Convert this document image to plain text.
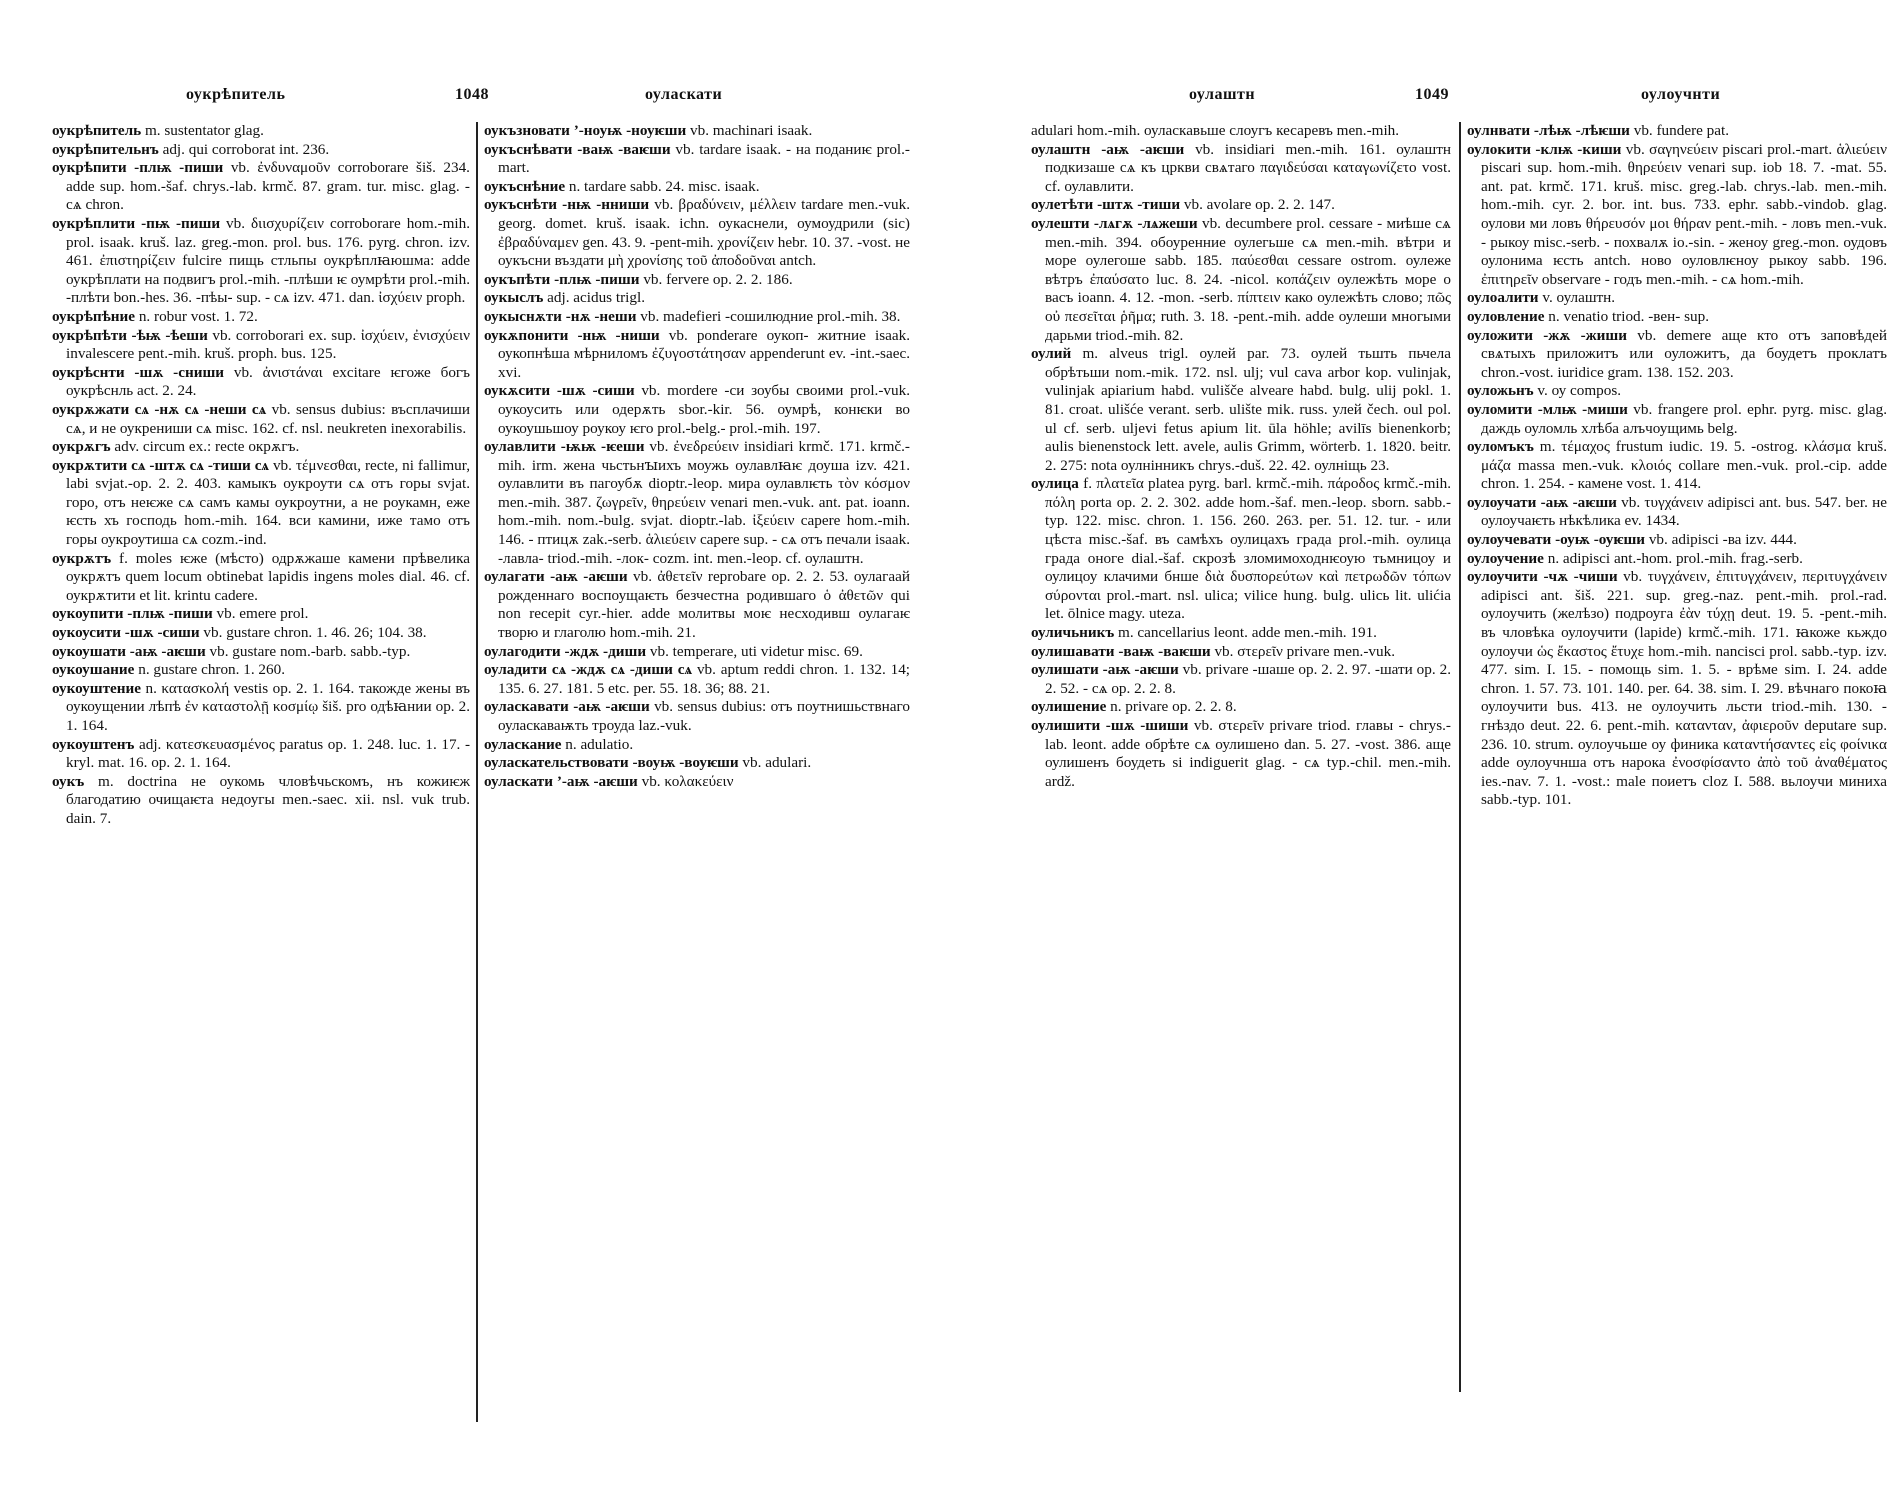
оукрѣпитель	1048	оуласкати

оукрѣпитель m. sustentator glag.

оукрѣпительнъ adj. qui corroborat int. 236.

оукрѣпити -плѭ -пиши vb. ἐνδυναμοῦν corroborare šiš. 234. adde sup. hom.-šaf. chrys.-lab. krmč. 87. gram. tur. misc. glag. - сѧ chron.

оукрѣплити -пѭ -пиши vb. διισχυρίζειν corroborare hom.-mih. prol. isaak. kruš. laz. greg.-mon. prol. bus. 176. pyrg. chron. izv. 461. ἐπιστηρίζειν fulcire пищь стльпы оукрѣплꙗюшма: adde оукрѣплати на подвигъ prol.-mih. -плѣши ѥ оумрѣти prol.-mih. -плѣти bon.-hes. 36. -пѣы- sup. - сѧ izv. 471. dan. ἰσχύειν proph.

оукрѣпѣние n. robur vost. 1. 72.

оукрѣпѣти -ѣѭ -ѣеши vb. corroborari ex. sup. ἰσχύειν, ἐνισχύειν invalescere pent.-mih. kruš. proph. bus. 125.

оукрѣснти -шѫ -сниши vb. ἀνιστάναι excitare ѥгоже богъ оукрѣснль act. 2. 24.

оукрѫжати сѧ -нѫ сѧ -неши сѧ vb. sensus dubius: въсплачиши сѧ, и не оукрениши сѧ misc. 162. cf. nsl. neukreten inexorabilis.

оукрѫгъ adv. circum ex.: recte окрѫгъ.

оукрѫтити сѧ -штѫ сѧ -тиши сѧ vb. τέμνεσθαι, recte, ni fallimur, labi svjat.-op. 2. 2. 403. камыкъ оукроути сѧ отъ горы svjat. горо, отъ неѥже сѧ самъ камы оукроутни, а не роукамн, еже ѥсть хъ господь hom.-mih. 164. вси камини, иже тамо отъ горы оукроутиша сѧ cozm.-ind.

оукрѫтъ f. moles ѥже (мѣсто) одрѫжаше камени прѣвелика оукрѫтъ quem locum obtinebat lapidis ingens moles dial. 46. cf. оукрѫтити et lit. krintu cadere.

оукоупити -плѭ -пиши vb. emere prol.

оукоусити -шѫ -сиши vb. gustare chron. 1. 46. 26; 104. 38.

оукоушати -аѭ -аѥши vb. gustare nom.-barb. sabb.-typ.

оукоушание n. gustare chron. 1. 260.

оукоуштение n. κατασκολή vestis op. 2. 1. 164. такожде жены въ оукоущении лѣпѣ ἐν καταστολῇ κοσμίῳ šiš. pro одѣꙗнии op. 2. 1. 164.

оукоуштенъ adj. κατεσκευασμένος paratus op. 1. 248. luc. 1. 17. -kryl. mat. 16. op. 2. 1. 164.

оукъ m. doctrina не оукомь чловѣчьскомъ, нъ кожиѥж благодатию очищаѥта недоугы men.-saec. xii. nsl. vuk trub. dain. 7.

оукъзновати ’-ноуѭ -ноуѥши vb. machinari isaak.

оукъснѣвати -ваѭ -ваѥши vb. tardare isaak. - на поданиѥ prol.-mart.

оукъснѣние n. tardare sabb. 24. misc. isaak.

оукъснѣти -нѭ -нниши vb. βραδύνειν, μέλλειν tardare men.-vuk. georg. domet. kruš. isaak. ichn. оукаснели, оумоудрили (sic) ἐβραδύναμεν gen. 43. 9. -pent-mih. χρονίζειν hebr. 10. 37. -vost. не оукъсни въздати μὴ χρονίσης τοῦ ἀποδοῦναι antch.

оукъпѣти -плѭ -пиши vb. fervere op. 2. 2. 186.

оукыслъ adj. acidus trigl.

оукыснѫти -нѫ -неши vb. madefieri -сошилюдние prol.-mih. 38.

оукѫпонити -нѭ -ниши vb. ponderare оукоп- житние isaak. оукопнѣша мѣрниломъ ἐζυγοστάτησαν appenderunt ev. -int.-saec. xvi.

оукѫсити -шѫ -сиши vb. mordere -си зоубы своими prol.-vuk. оукоусить или одерѫть sbor.-kir. 56. оумрѣ, конѥки во оукоушьшоу роукоу ѥго prol.-belg.- prol.-mih. 197.

оулавлити -ѭѭ -ѥеши vb. ἐνεδρεύειν insidiari krmč. 171. krmč.-mih. irm. жена чьстьнꙑихъ моужь оулавлꙗѥ доуша izv. 421. оулавлити въ пагоубѫ dioptr.-leop. мира оулавлѥть τὸν κόσμον men.-mih. 387. ζωγρεῖν, θηρεύειν venari men.-vuk. ant. pat. ioann. hom.-mih. nom.-bulg. svjat. dioptr.-lab. ἰξεύειν capere hom.-mih. 146. - птицѫ zak.-serb. ἁλιεύειν capere sup. - сѧ отъ печали isaak. -лавла- triod.-mih. -лок- cozm. int. men.-leop. cf. оулаштн.

оулагати -аѭ -аѥши vb. ἀθετεῖν reprobare op. 2. 2. 53. оулагаай рожденнаго воспоущаѥть безчестна родившаго ὁ ἀθετῶν qui non recepit cyr.-hier. adde молитвы моѥ несходивш оулагаѥ творю и глаголю hom.-mih. 21.

оулагодити -ждѫ -диши vb. temperare, uti videtur misc. 69.

оуладити сѧ -ждѫ сѧ -диши сѧ vb. aptum reddi chron. 1. 132. 14; 135. 6. 27. 181. 5 etc. per. 55. 18. 36; 88. 21.

оуласкавати -аѭ -аѥши vb. sensus dubius: отъ поутнишьствнаго оуласкаваѭть троуда laz.-vuk.

оуласкание n. adulatio.

оуласкательствовати -воуѭ -воуѥши vb. adulari.

оуласкати ’-аѭ -аѥши vb. κολακεύειν

оулаштн	1049	оулоучнти

adulari hom.-mih. оуласкавьше слоугъ кесаревъ men.-mih.

оулаштн -аѭ -аѥши vb. insidiari men.-mih. 161. оулаштн подкизаше сѧ къ цркви свѧтаго παγιδεύσαι καταγωνίζετο vost. cf. оулавлити.

оулетѣти -штѫ -тиши vb. avolare op. 2. 2. 147.

оулешти -лѧгѫ -лѧжеши vb. decumbere prol. cessare - миѣше сѧ men.-mih. 394. обоуренние оулегьше сѧ men.-mih. вѣтри и море оулегоше sabb. 185. παύεσθαι cessare ostrom. оулеже вѣтръ ἐπαύσατο luc. 8. 24. -nicol. κοπάζειν оулежѣть море о васъ ioann. 4. 12. -mon. -serb. πίπτειν како оулежѣть слово; πῶς οὐ πεσεῖται ῥῆμα; ruth. 3. 18. -pent.-mih. adde оулеши многыми дарьми triod.-mih. 82.

оулий m. alveus trigl. оулей par. 73. оулей тьшть пьчела обрѣтьши nom.-mik. 172. nsl. ulj; vul cava arbor kop. vulinjak, vulinjak apiarium habd. vulišče alveare habd. bulg. ulij pokl. 1. 81. croat. ulišće verant. serb. ulište mik. russ. улей čech. oul pol. ul cf. serb. uljevi fetus apium lit. ūla höhle; avilīs bienenkorb; aulis bienenstock lett. avele, aulis Grimm, wörterb. 1. 1820. beitr. 2. 275: nota оулнiнникъ chrys.-duš. 22. 42. оулнiщь 23.

оулица f. πλατεῖα platea pyrg. barl. krmč.-mih. πάροδος krmč.-mih. πόλη porta op. 2. 2. 302. adde hom.-šaf. men.-leop. sborn. sabb.-typ. 122. misc. chron. 1. 156. 260. 263. per. 51. 12. tur. - или цѣста misc.-šaf. въ самѣхъ оулицахъ града prol.-mih. оулица града оноге dial.-šaf. скрозѣ зломимоходнѥоую тьмницоу и оулицоу клачими бнше διὰ δυσπορεύτων καὶ πετρωδῶν τόπων σύρονται prol.-mart. nsl. ulica; vilice hung. bulg. ulicь lit. ulićia let. ōlnice magy. uteza.

оуличьникъ m. cancellarius leont. adde men.-mih. 191.

оулишавати -ваѭ -ваѥши vb. στερεῖν privare men.-vuk.

оулишати -аѭ -аѥши vb. privare -шаше op. 2. 2. 97. -шати op. 2. 2. 52. - сѧ op. 2. 2. 8.

оулишение n. privare op. 2. 2. 8.

оулишити -шѫ -шиши vb. στερεῖν privare triod. главы - chrys.-lab. leont. adde обрѣте сѧ оулишено dan. 5. 27. -vost. 386. аще оулишенъ боудеть si indiguerit glag. - сѧ typ.-chil. men.-mih. ardž.

оулнвати -лѣѭ -лѣѥши vb. fundere pat.

оулокити -клѭ -киши vb. σαγηνεύειν piscari prol.-mart. ἁλιεύειν piscari sup. hom.-mih. θηρεύειν venari sup. iob 18. 7. -mat. 55. ant. pat. krmč. 171. kruš. misc. greg.-lab. chrys.-lab. men.-mih. hom.-mih. cyr. 2. bor. int. bus. 733. ephr. sabb.-vindob. glag. оулови ми ловъ θήρευσόν μοι θήραν pent.-mih. - ловъ men.-vuk. - рыкоу misc.-serb. - похвалѫ io.-sin. - женоу greg.-mon. оудовъ оулонима ѥсть antch. ново оуловлѥноу рыкоу sabb. 196. ἐπιτηρεῖν observare - годъ men.-mih. - сѧ hom.-mih.

оулоалити v. оулаштн.

оуловление n. venatio triod. -вен- sup.

оуложити -жѫ -жиши vb. demere аще кто отъ заповѣдей свѧтыхъ приложитъ или оуложитъ, да боудетъ проклатъ chron.-vost. iuridice gram. 138. 152. 203.

оуложьнъ v. оу compos.

оуломити -млѭ -миши vb. frangere prol. ephr. pyrg. misc. glag. даждь оуломль хлѣба алъчоущимь belg.

оуломъкъ m. τέμαχος frustum iudic. 19. 5. -ostrog. κλάσμα kruš. μάζα massa men.-vuk. κλοιός collare men.-vuk. prol.-cip. adde chron. 1. 254. - камене vost. 1. 414.

оулоучати -аѭ -аѥши vb. τυγχάνειν adipisci ant. bus. 547. ber. не оулоучаѥть нѣкѣлика ev. 1434.

оулоучевати -оуѭ -оуѥши vb. adipisci -ва izv. 444.

оулоучение n. adipisci ant.-hom. prol.-mih. frag.-serb.

оулоучити -чѫ -чиши vb. τυγχάνειν, ἐπιτυγχάνειν, περιτυγχάνειν adipisci ant. šiš. 221. sup. greg.-naz. pent.-mih. prol.-rad. оулоучить (желѣзо) подроуга ἐὰν τύχῃ deut. 19. 5. -pent.-mih. въ чловѣка оулоучити (lapide) krmč.-mih. 171. ꙗкоже кьждо оулоучи ὡς ἔκαστος ἔτυχε hom.-mih. nancisci prol. sabb.-typ. izv. 477. sim. I. 15. - помощь sim. 1. 5. - врѣме sim. I. 24. adde chron. 1. 57. 73. 101. 140. per. 64. 38. sim. I. 29. вѣчнаго покоꙗ оулоучити bus. 413. не оулоучить льсти triod.-mih. 130. - гнѣздо deut. 22. 6. pent.-mih. κατανταν, ἀφιεροῦν deputare sup. 236. 10. strum. оулоучьше оу финика καταντήσαντες εἰς φοίνικα adde оулоучнша отъ нарока ἐνοσφίσαντο ἀπὸ τοῦ ἀναθέματος ies.-nav. 7. 1. -vost.: male поиетъ cloz I. 588. вьлоучи миниха sabb.-typ. 101.
